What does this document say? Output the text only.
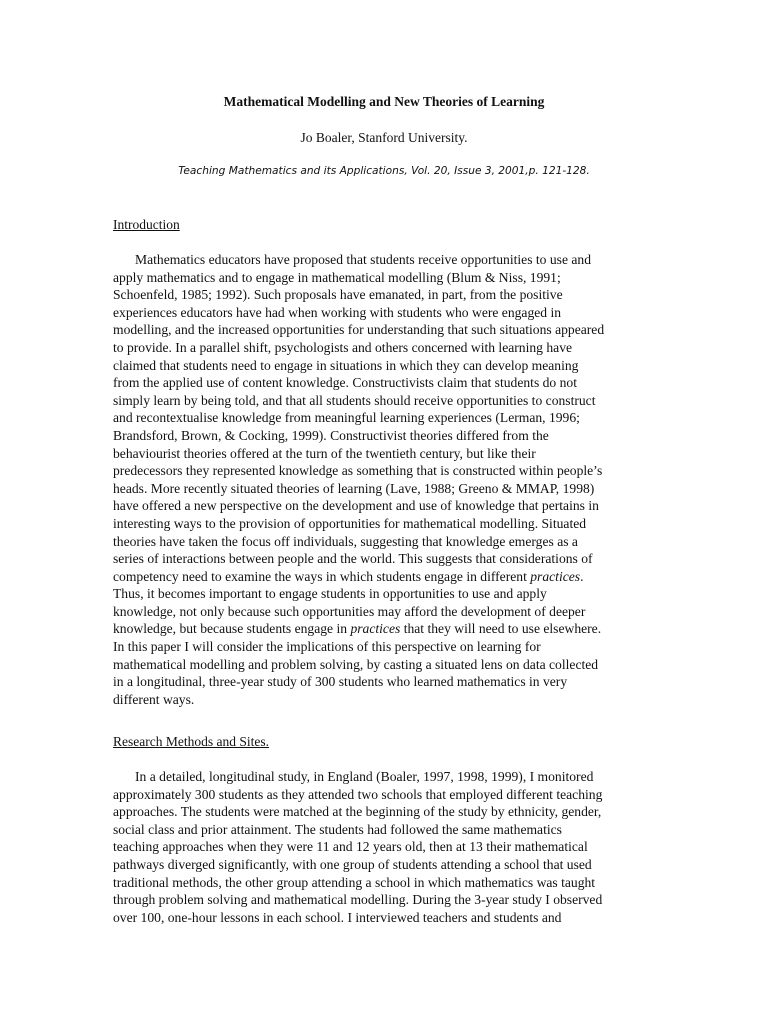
Mathematical Modelling and New Theories of Learning
Jo Boaler, Stanford University.
Teaching Mathematics and its Applications, Vol. 20, Issue 3, 2001,p. 121-128.
Introduction
Mathematics educators have proposed that students receive opportunities to use and
apply mathematics and to engage in mathematical modelling (Blum & Niss, 1991;
Schoenfeld, 1985; 1992). Such proposals have emanated, in part, from the positive
experiences educators have had when working with students who were engaged in
modelling, and the increased opportunities for understanding that such situations appeared
to provide. In a parallel shift, psychologists and others concerned with learning have
claimed that students need to engage in situations in which they can develop meaning
from the applied use of content knowledge. Constructivists claim that students do not
simply learn by being told, and that all students should receive opportunities to construct
and recontextualise knowledge from meaningful learning experiences (Lerman, 1996;
Brandsford, Brown, & Cocking, 1999). Constructivist theories differed from the
behaviourist theories offered at the turn of the twentieth century, but like their
predecessors they represented knowledge as something that is constructed within people’s
heads. More recently situated theories of learning (Lave, 1988; Greeno & MMAP, 1998)
have offered a new perspective on the development and use of knowledge that pertains in
interesting ways to the provision of opportunities for mathematical modelling. Situated
theories have taken the focus off individuals, suggesting that knowledge emerges as a
series of interactions between people and the world. This suggests that considerations of
competency need to examine the ways in which students engage in different practices.
Thus, it becomes important to engage students in opportunities to use and apply
knowledge, not only because such opportunities may afford the development of deeper
knowledge, but because students engage in practices that they will need to use elsewhere.
In this paper I will consider the implications of this perspective on learning for
mathematical modelling and problem solving, by casting a situated lens on data collected
in a longitudinal, three-year study of 300 students who learned mathematics in very
different ways.
Research Methods and Sites.
In a detailed, longitudinal study, in England (Boaler, 1997, 1998, 1999), I monitored
approximately 300 students as they attended two schools that employed different teaching
approaches. The students were matched at the beginning of the study by ethnicity, gender,
social class and prior attainment. The students had followed the same mathematics
teaching approaches when they were 11 and 12 years old, then at 13 their mathematical
pathways diverged significantly, with one group of students attending a school that used
traditional methods, the other group attending a school in which mathematics was taught
through problem solving and mathematical modelling. During the 3-year study I observed
over 100, one-hour lessons in each school. I interviewed teachers and students and
